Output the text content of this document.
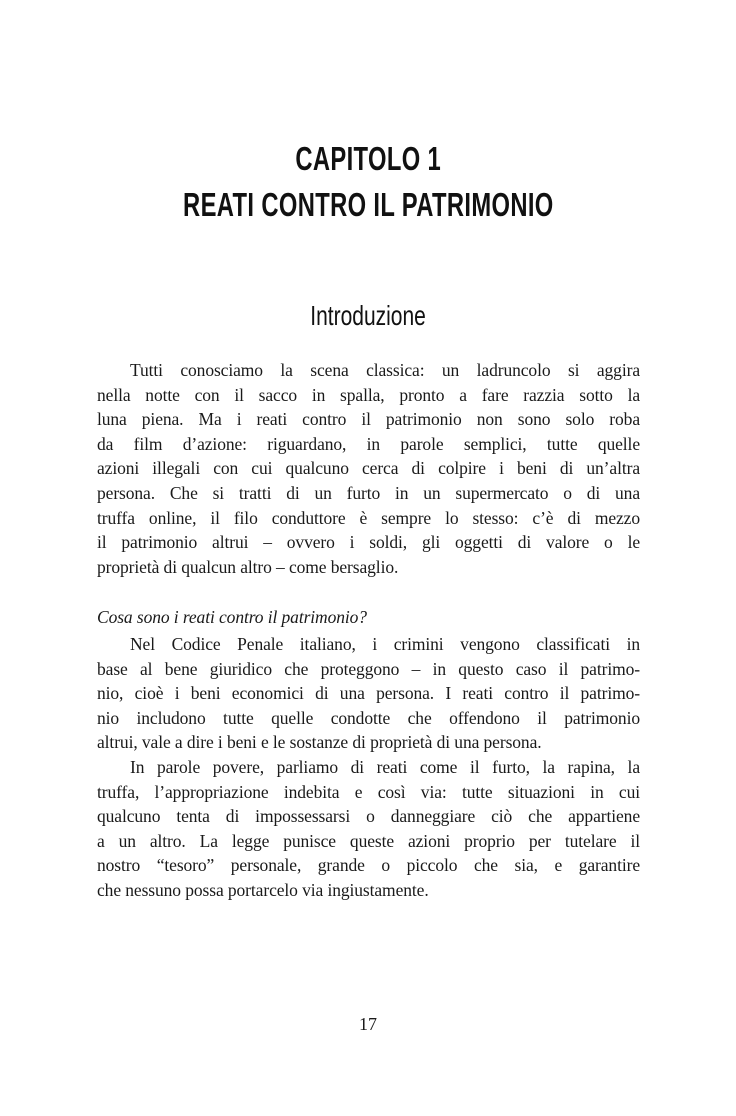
CAPITOLO 1
REATI CONTRO IL PATRIMONIO
Introduzione
Tutti conosciamo la scena classica: un ladruncolo si aggira
nella notte con il sacco in spalla, pronto a fare razzia sotto la
luna piena. Ma i reati contro il patrimonio non sono solo roba
da film d’azione: riguardano, in parole semplici, tutte quelle
azioni illegali con cui qualcuno cerca di colpire i beni di un’altra
persona. Che si tratti di un furto in un supermercato o di una
truffa online, il filo conduttore è sempre lo stesso: c’è di mezzo
il patrimonio altrui – ovvero i soldi, gli oggetti di valore o le
proprietà di qualcun altro – come bersaglio.
Cosa sono i reati contro il patrimonio?
Nel Codice Penale italiano, i crimini vengono classificati in
base al bene giuridico che proteggono – in questo caso il patrimo-
nio, cioè i beni economici di una persona. I reati contro il patrimo-
nio includono tutte quelle condotte che offendono il patrimonio
altrui, vale a dire i beni e le sostanze di proprietà di una persona.
In parole povere, parliamo di reati come il furto, la rapina, la
truffa, l’appropriazione indebita e così via: tutte situazioni in cui
qualcuno tenta di impossessarsi o danneggiare ciò che appartiene
a un altro. La legge punisce queste azioni proprio per tutelare il
nostro “tesoro” personale, grande o piccolo che sia, e garantire
che nessuno possa portarcelo via ingiustamente.
17
